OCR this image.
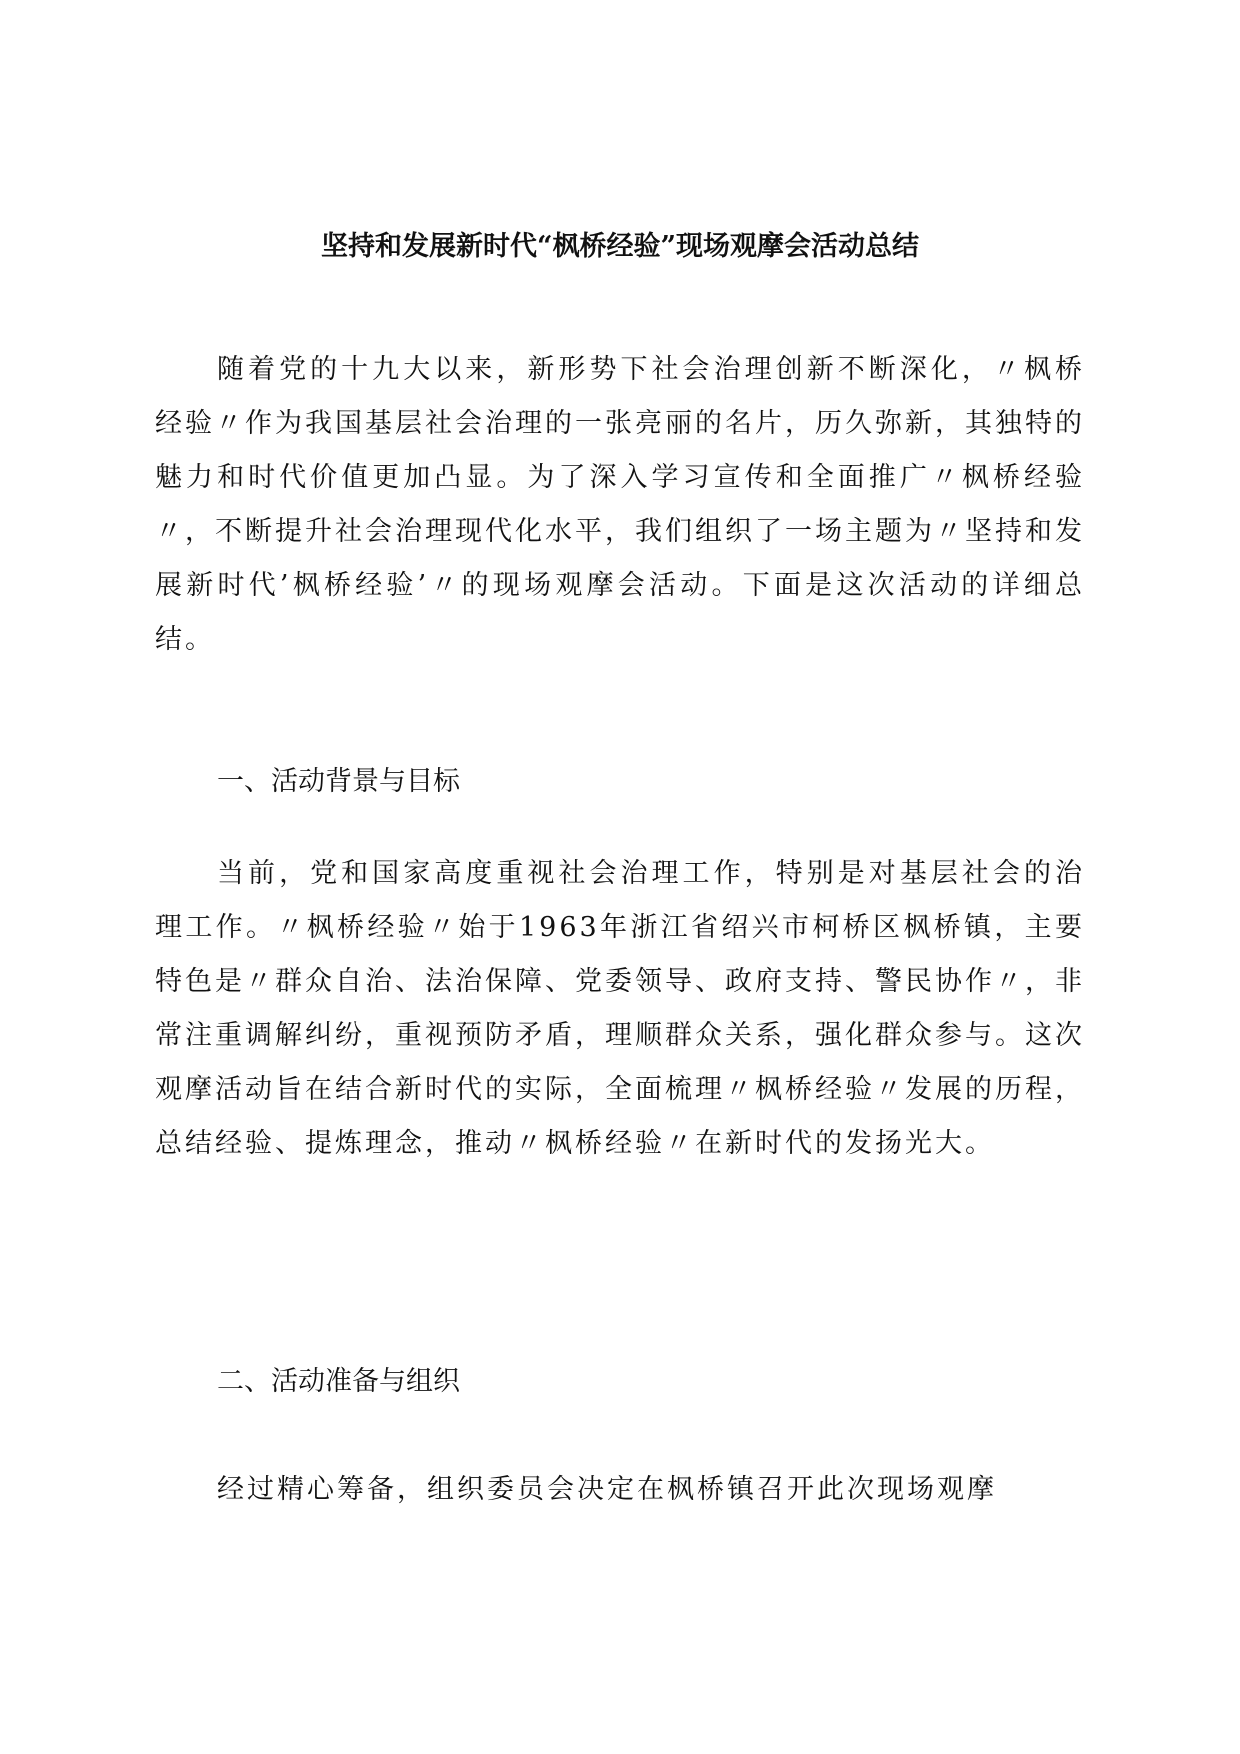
坚持和发展新时代“枫桥经验”现场观摩会活动总结

随着党的十九大以来，新形势下社会治理创新不断深化，〃枫桥经验〃作为我国基层社会治理的一张亮丽的名片，历久弥新，其独特的魅力和时代价值更加凸显。为了深入学习宣传和全面推广〃枫桥经验〃，不断提升社会治理现代化水平，我们组织了一场主题为〃坚持和发展新时代’枫桥经验’〃的现场观摩会活动。下面是这次活动的详细总结。

一、活动背景与目标

当前，党和国家高度重视社会治理工作，特别是对基层社会的治理工作。〃枫桥经验〃始于1963年浙江省绍兴市柯桥区枫桥镇，主要特色是〃群众自治、法治保障、党委领导、政府支持、警民协作〃，非常注重调解纠纷，重视预防矛盾，理顺群众关系，强化群众参与。这次观摩活动旨在结合新时代的实际，全面梳理〃枫桥经验〃发展的历程，总结经验、提炼理念，推动〃枫桥经验〃在新时代的发扬光大。

二、活动准备与组织

经过精心筹备，组织委员会决定在枫桥镇召开此次现场观摩
